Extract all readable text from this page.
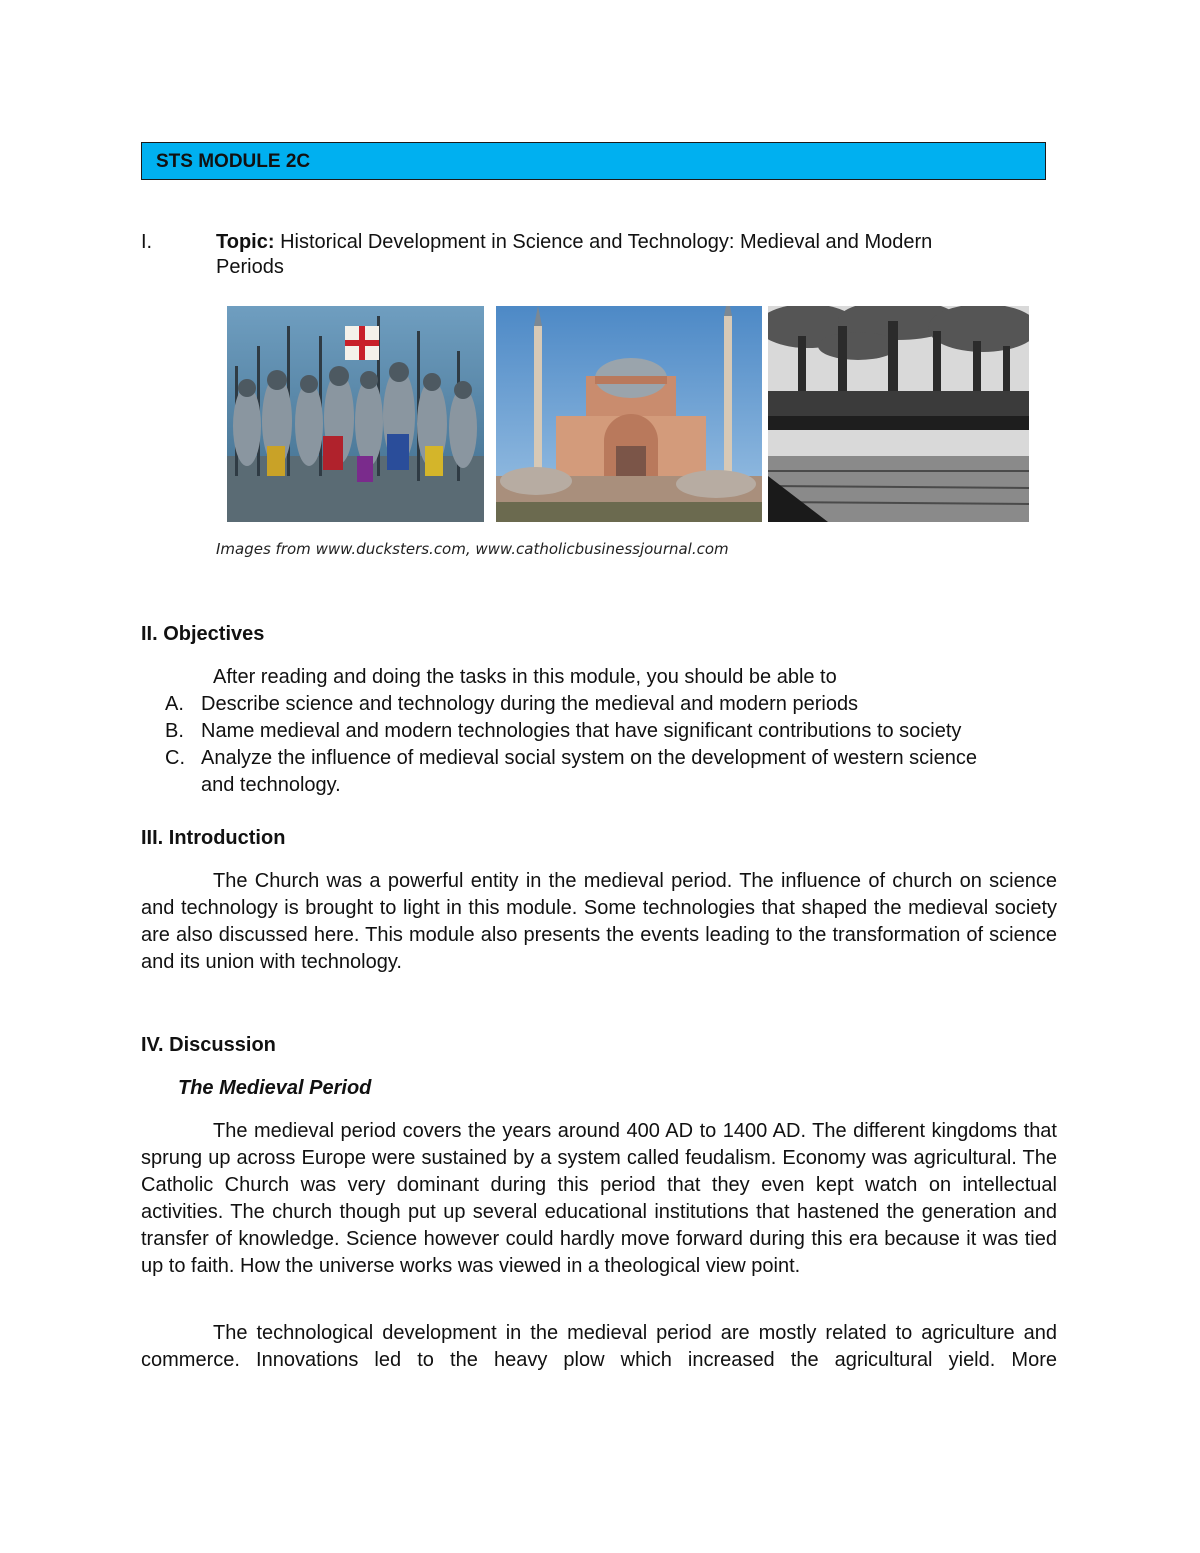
STS MODULE 2C
I.	Topic: Historical Development in Science and Technology: Medieval and Modern
Periods
Images from www.ducksters.com, www.catholicbusinessjournal.com
II. Objectives
After reading and doing the tasks in this module, you should be able to
A. Describe science and technology during the medieval and modern periods
B. Name medieval and modern technologies that have significant contributions to society
C. Analyze the influence of medieval social system on the development of western science
and technology.
III. Introduction

The Church was a powerful entity in the medieval period. The influence of church on science and technology is brought to light in this module. Some technologies that shaped the medieval society are also discussed here. This module also presents the events leading to the transformation of science and its union with technology.

IV. Discussion
The Medieval Period

The medieval period covers the years around 400 AD to 1400 AD. The different kingdoms that sprung up across Europe were sustained by a system called feudalism. Economy was agricultural. The Catholic Church was very dominant during this period that they even kept watch on intellectual activities. The church though put up several educational institutions that hastened the generation and transfer of knowledge. Science however could hardly move forward during this era because it was tied up to faith. How the universe works was viewed in a theological view point.

The technological development in the medieval period are mostly related to agriculture and commerce. Innovations led to the heavy plow which increased the agricultural yield. More
